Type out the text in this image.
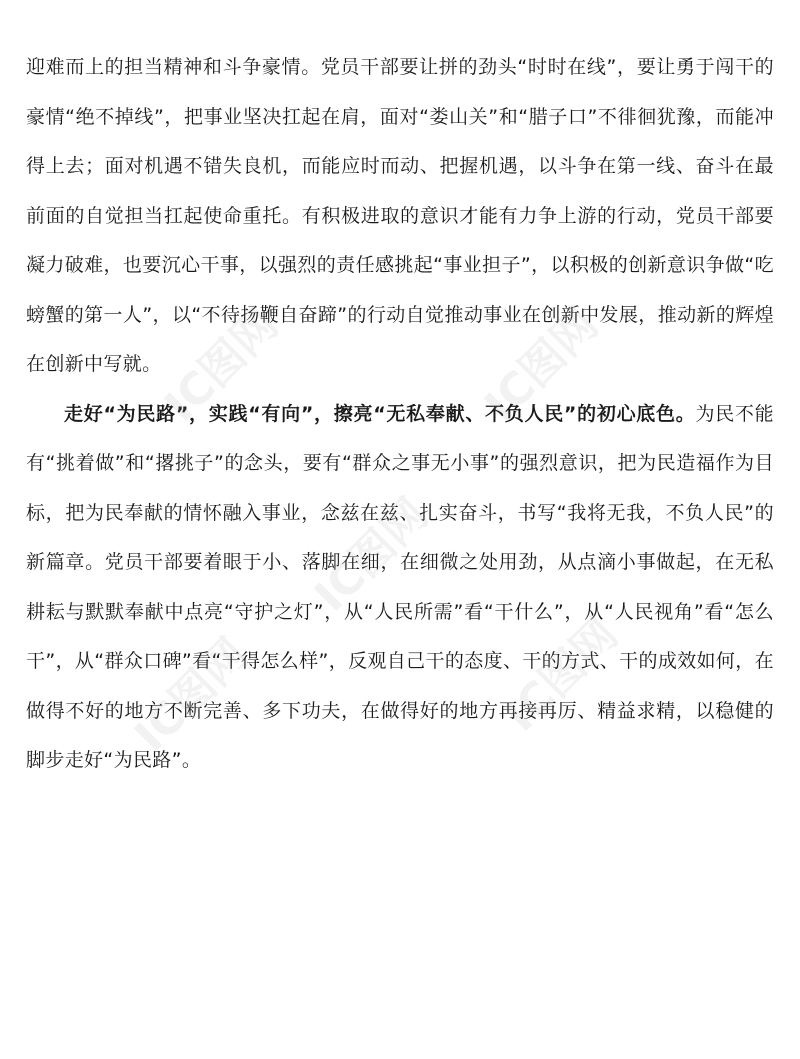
迎难而上的担当精神和斗争豪情。党员干部要让拼的劲头“时时在线”，要让勇于闯干的豪情“绝不掉线”，把事业坚决扛起在肩，面对“娄山关”和“腊子口”不徘徊犹豫，而能冲得上去；面对机遇不错失良机，而能应时而动、把握机遇，以斗争在第一线、奋斗在最前面的自觉担当扛起使命重托。有积极进取的意识才能有力争上游的行动，党员干部要凝力破难，也要沉心干事，以强烈的责任感挑起“事业担子”，以积极的创新意识争做“吃螃蟹的第一人”，以“不待扬鞭自奋蹄”的行动自觉推动事业在创新中发展，推动新的辉煌在创新中写就。

走好“为民路”，实践“有向”，擦亮“无私奉献、不负人民”的初心底色。为民不能有“挑着做”和“撂挑子”的念头，要有“群众之事无小事”的强烈意识，把为民造福作为目标，把为民奉献的情怀融入事业，念兹在兹、扎实奋斗，书写“我将无我，不负人民”的新篇章。党员干部要着眼于小、落脚在细，在细微之处用劲，从点滴小事做起，在无私耕耘与默默奉献中点亮“守护之灯”，从“人民所需”看“干什么”，从“人民视角”看“怎么干”，从“群众口碑”看“干得怎么样”，反观自己干的态度、干的方式、干的成效如何，在做得不好的地方不断完善、多下功夫，在做得好的地方再接再厉、精益求精，以稳健的脚步走好“为民路”。

IC图网	IC图网
IC图网
IC图网
IC图网
